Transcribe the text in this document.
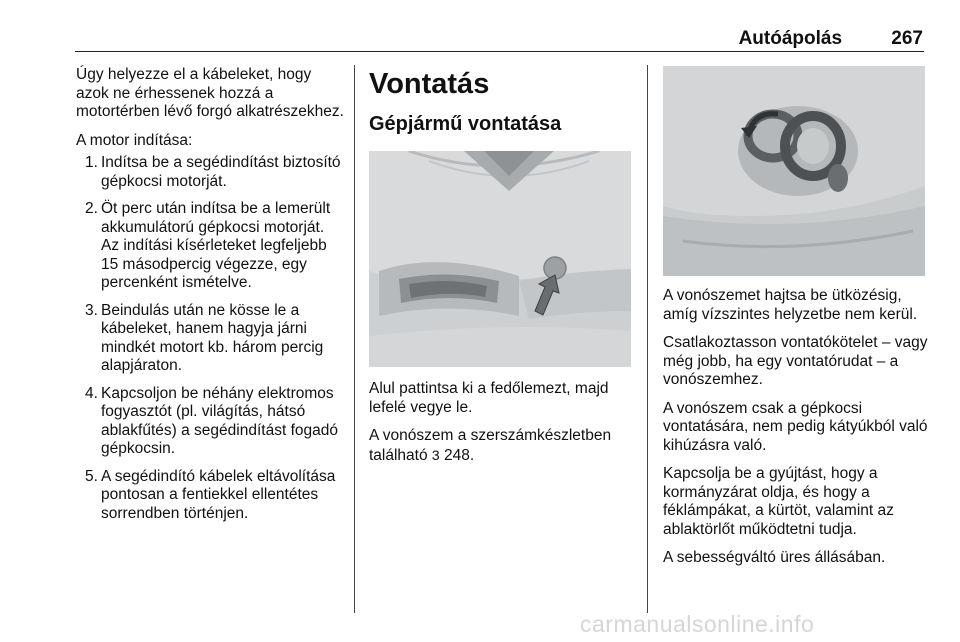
Autóápolás	267

Úgy helyezze el a kábeleket, hogy azok ne érhessenek hozzá a motortérben lévő forgó alkatrészekhez.

A motor indítása:

1. Indítsa be a segédindítást biztosító gépkocsi motorját.
2. Öt perc után indítsa be a lemerült akkumulátorú gépkocsi motorját. Az indítási kísérleteket legfeljebb 15 másodpercig végezze, egy percenként ismételve.
3. Beindulás után ne kösse le a kábeleket, hanem hagyja járni mindkét motort kb. három percig alapjáraton.
4. Kapcsoljon be néhány elektromos fogyasztót (pl. világítás, hátsó ablakfűtés) a segédindítást fogadó gépkocsin.
5. A segédindító kábelek eltávolítása pontosan a fentiekkel ellentétes sorrendben történjen.
Vontatás
Gépjármű vontatása

Alul pattintsa ki a fedőlemezt, majd lefelé vegye le.

A vonószem a szerszámkészletben található 3 248.

A vonószemet hajtsa be ütközésig, amíg vízszintes helyzetbe nem kerül.

Csatlakoztasson vontatókötelet – vagy még jobb, ha egy vontatórudat – a vonószemhez.

A vonószem csak a gépkocsi vontatására, nem pedig kátyúkból való kihúzásra való.

Kapcsolja be a gyújtást, hogy a kormányzárat oldja, és hogy a féklámpákat, a kürtöt, valamint az ablaktörlőt működtetni tudja.

A sebességváltó üres állásában.

carmanualsonline.info
